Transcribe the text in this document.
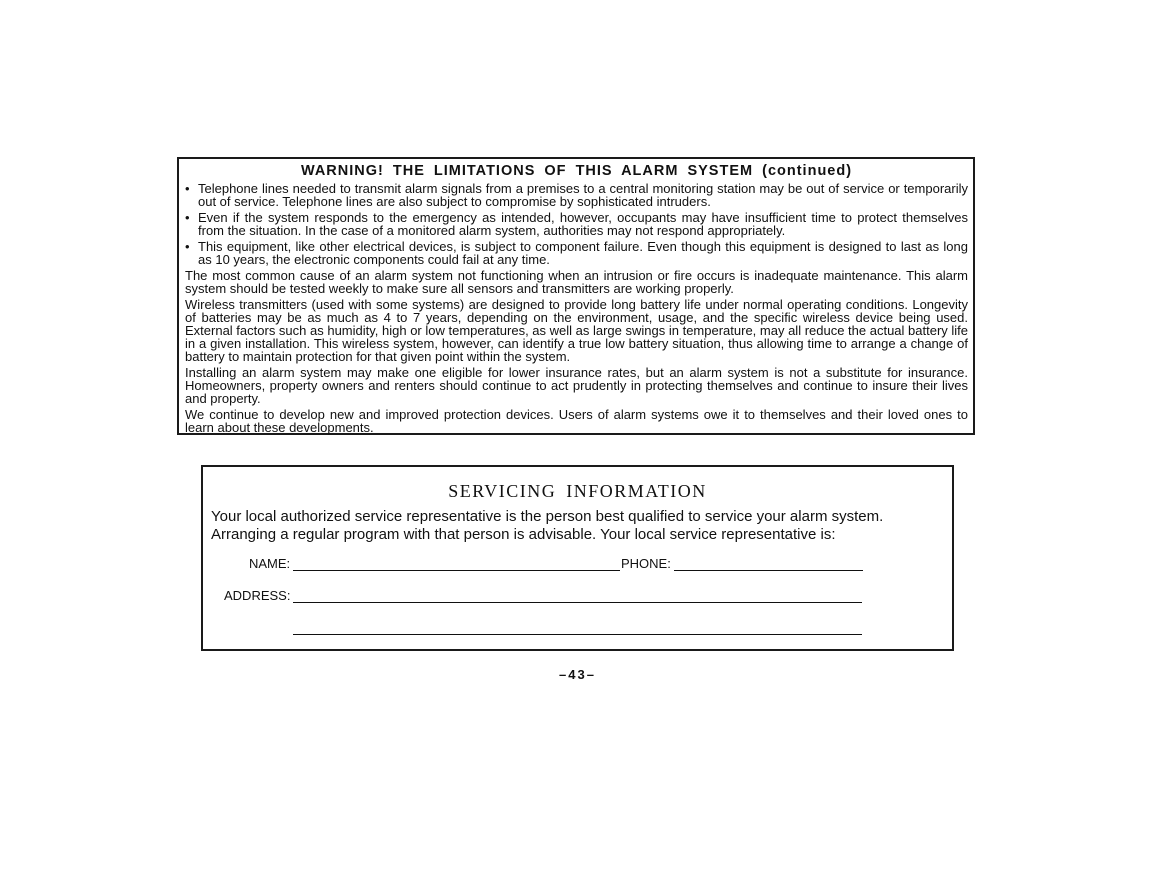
WARNING! THE LIMITATIONS OF THIS ALARM SYSTEM (continued)
• Telephone lines needed to transmit alarm signals from a premises to a central monitoring station may be out of service or temporarily out of service. Telephone lines are also subject to compromise by sophisticated intruders.
• Even if the system responds to the emergency as intended, however, occupants may have insufficient time to protect themselves from the situation. In the case of a monitored alarm system, authorities may not respond appropriately.
• This equipment, like other electrical devices, is subject to component failure. Even though this equipment is designed to last as long as 10 years, the electronic components could fail at any time.
The most common cause of an alarm system not functioning when an intrusion or fire occurs is inadequate maintenance. This alarm system should be tested weekly to make sure all sensors and transmitters are working properly.
Wireless transmitters (used with some systems) are designed to provide long battery life under normal operating conditions. Longevity of batteries may be as much as 4 to 7 years, depending on the environment, usage, and the specific wireless device being used. External factors such as humidity, high or low temperatures, as well as large swings in temperature, may all reduce the actual battery life in a given installation. This wireless system, however, can identify a true low battery situation, thus allowing time to arrange a change of battery to maintain protection for that given point within the system.
Installing an alarm system may make one eligible for lower insurance rates, but an alarm system is not a substitute for insurance. Homeowners, property owners and renters should continue to act prudently in protecting themselves and continue to insure their lives and property.
We continue to develop new and improved protection devices. Users of alarm systems owe it to themselves and their loved ones to learn about these developments.
SERVICING INFORMATION
Your local authorized service representative is the person best qualified to service your alarm system. Arranging a regular program with that person is advisable. Your local service representative is:
NAME:	PHONE:
ADDRESS:
–43–
